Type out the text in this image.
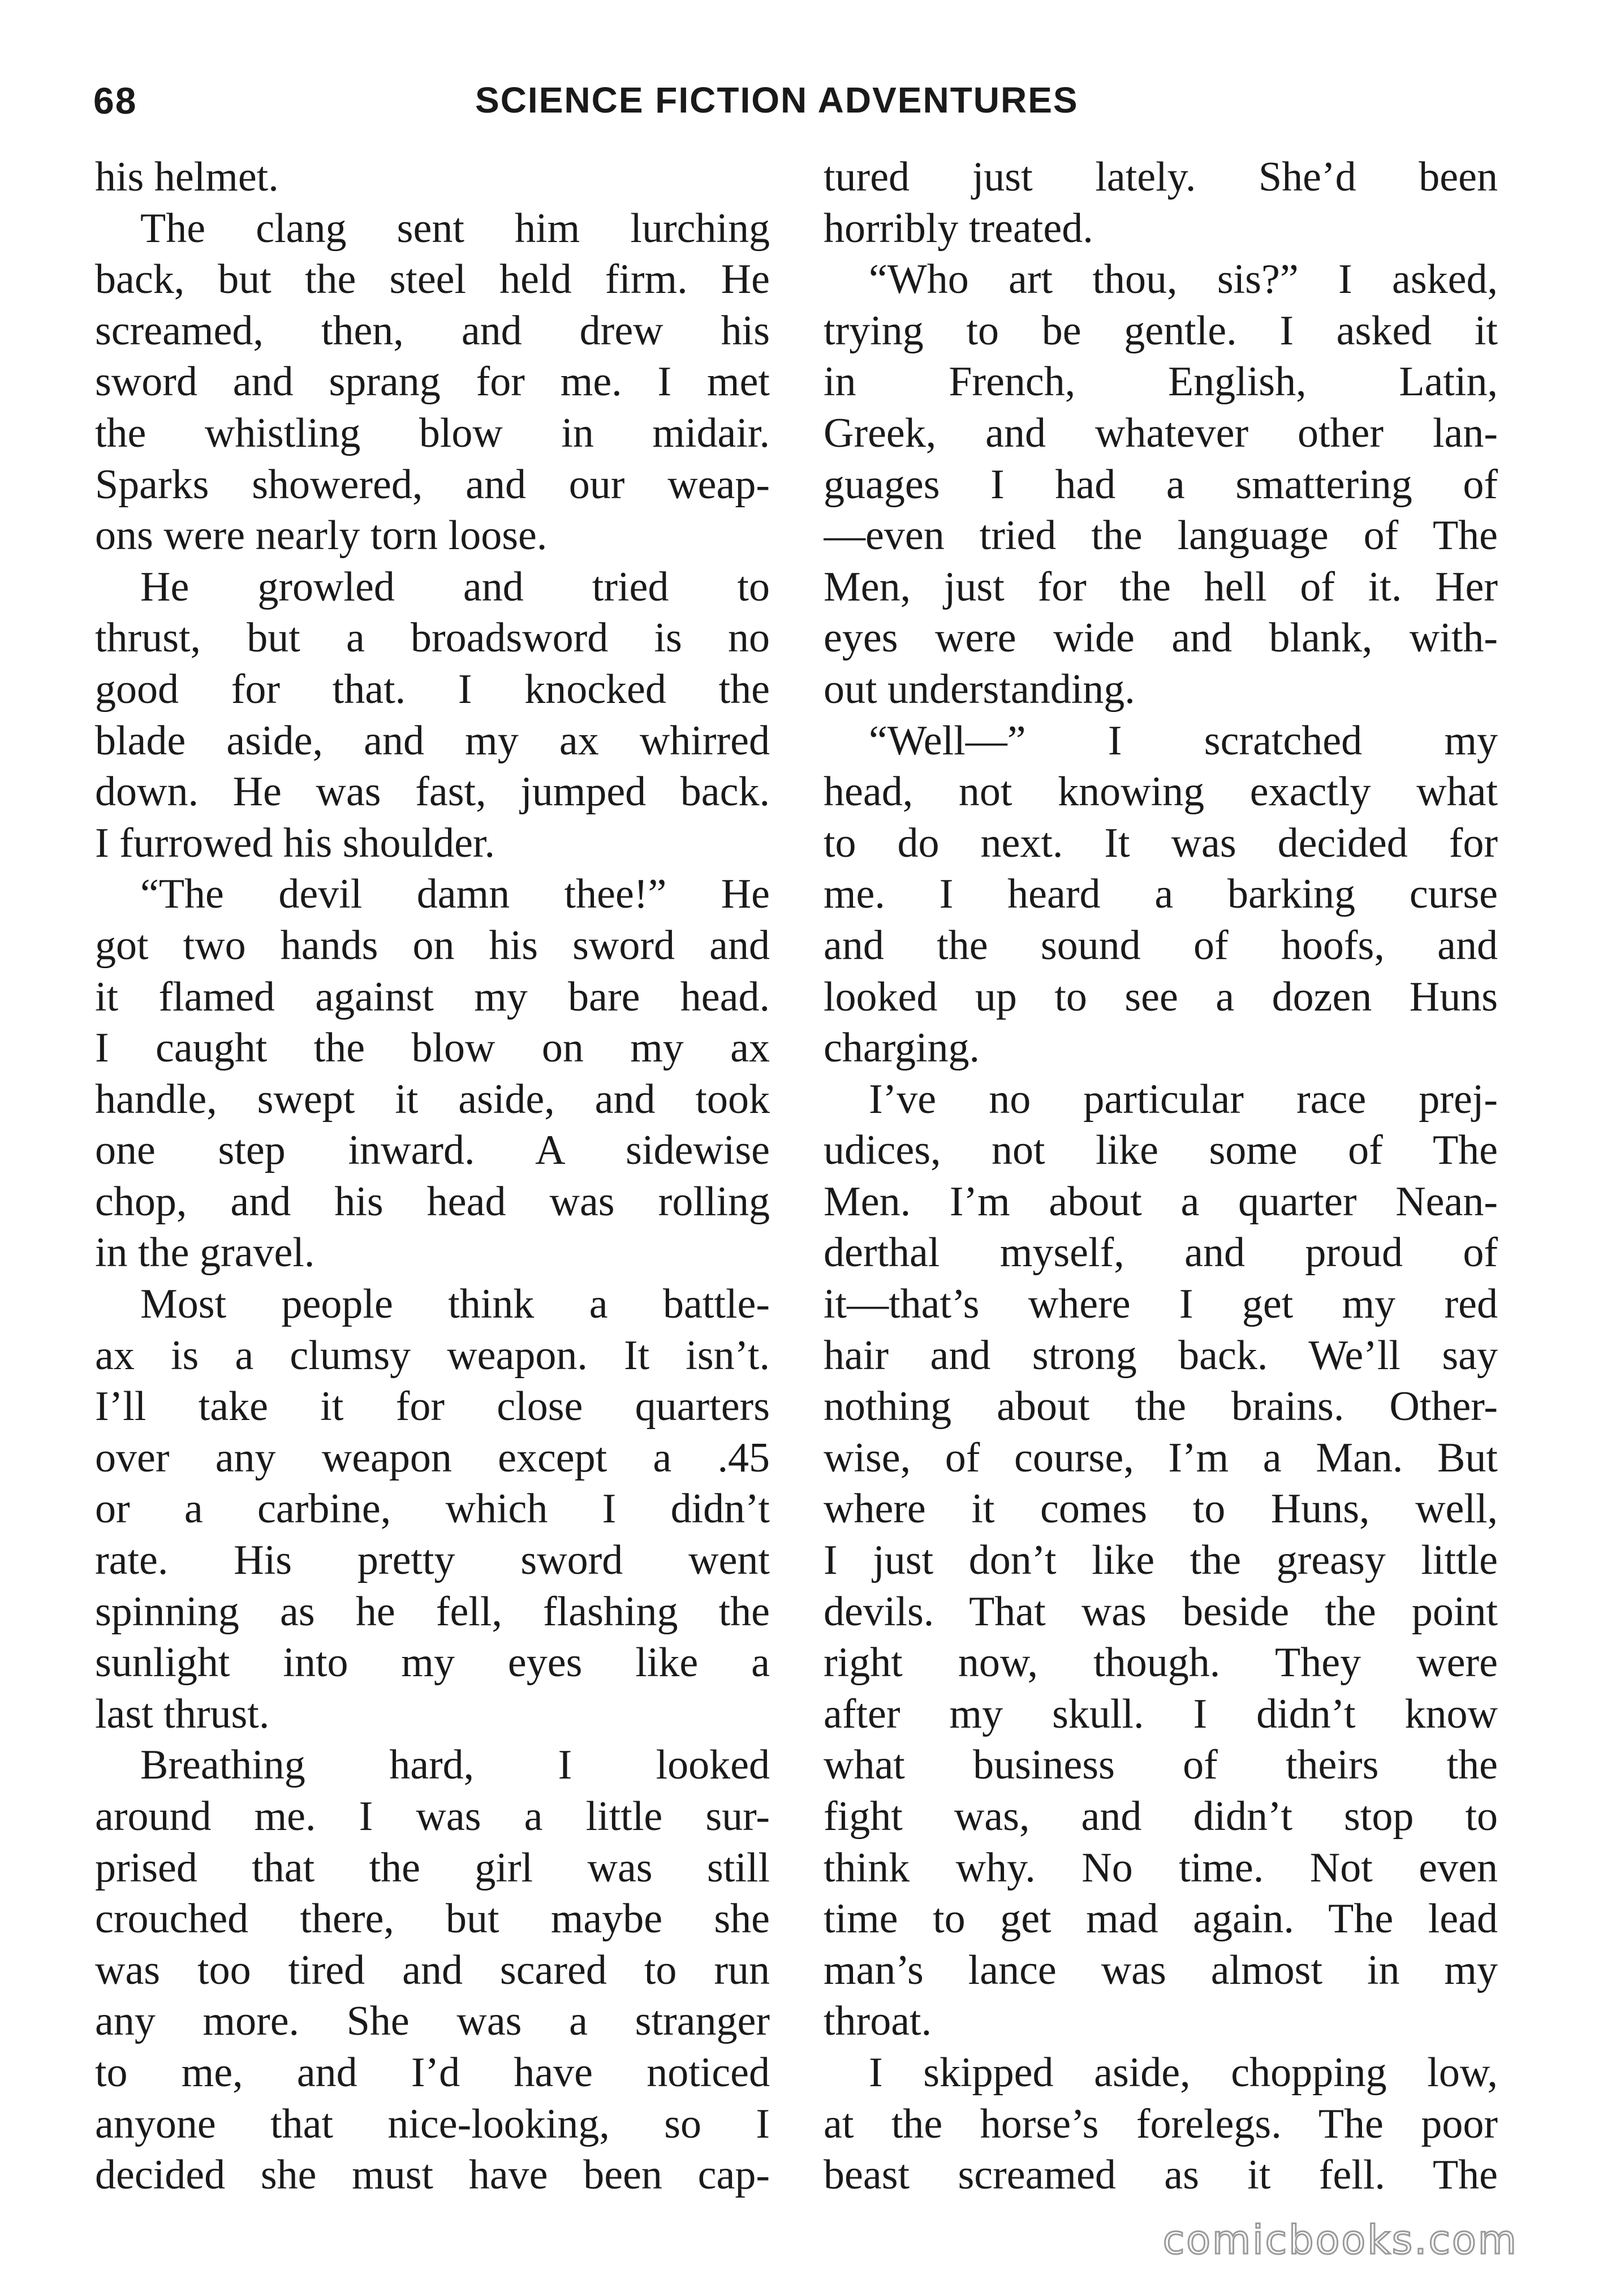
68	SCIENCE FICTION ADVENTURES
his helmet.
The clang sent him lurching
back, but the steel held firm. He
screamed, then, and drew his
sword and sprang for me. I met
the whistling blow in midair.
Sparks showered, and our weap-
ons were nearly torn loose.
He growled and tried to
thrust, but a broadsword is no
good for that. I knocked the
blade aside, and my ax whirred
down. He was fast, jumped back.
I furrowed his shoulder.
“The devil damn thee!” He
got two hands on his sword and
it flamed against my bare head.
I caught the blow on my ax
handle, swept it aside, and took
one step inward. A sidewise
chop, and his head was rolling
in the gravel.
Most people think a battle-
ax is a clumsy weapon. It isn’t.
I’ll take it for close quarters
over any weapon except a .45
or a carbine, which I didn’t
rate. His pretty sword went
spinning as he fell, flashing the
sunlight into my eyes like a
last thrust.
Breathing hard, I looked
around me. I was a little sur-
prised that the girl was still
crouched there, but maybe she
was too tired and scared to run
any more. She was a stranger
to me, and I’d have noticed
anyone that nice-looking, so I
decided she must have been cap-
tured just lately. She’d been
horribly treated.
“Who art thou, sis?” I asked,
trying to be gentle. I asked it
in French, English, Latin,
Greek, and whatever other lan-
guages I had a smattering of
—even tried the language of The
Men, just for the hell of it. Her
eyes were wide and blank, with-
out understanding.
“Well—” I scratched my
head, not knowing exactly what
to do next. It was decided for
me. I heard a barking curse
and the sound of hoofs, and
looked up to see a dozen Huns
charging.
I’ve no particular race prej-
udices, not like some of The
Men. I’m about a quarter Nean-
derthal myself, and proud of
it—that’s where I get my red
hair and strong back. We’ll say
nothing about the brains. Other-
wise, of course, I’m a Man. But
where it comes to Huns, well,
I just don’t like the greasy little
devils. That was beside the point
right now, though. They were
after my skull. I didn’t know
what business of theirs the
fight was, and didn’t stop to
think why. No time. Not even
time to get mad again. The lead
man’s lance was almost in my
throat.
I skipped aside, chopping low,
at the horse’s forelegs. The poor
beast screamed as it fell. The
comicbooks.com
